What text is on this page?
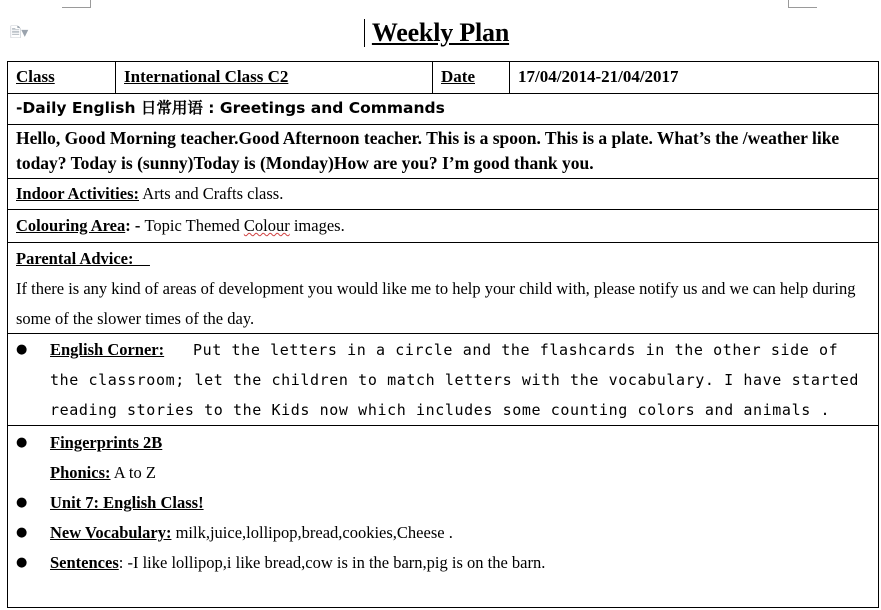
🗎▾	Weekly Plan
Class	International Class C2	Date	17/04/2014-21/04/2017
-Daily English 日常用语 : Greetings and Commands
Hello, Good Morning teacher.Good Afternoon teacher. This is a spoon. This is a plate. What’s the /weather like today? Today is (sunny)Today is (Monday)How are you? I’m good thank you.
Indoor Activities: Arts and Crafts class.
Colouring Area: - Topic Themed Colour images.
Parental Advice:
If there is any kind of areas of development you would like me to help your child with, please notify us and we can help during some of the slower times of the day.
● English Corner:   Put the letters in a circle and the flashcards in the other side of the classroom; let the children to match letters with the vocabulary. I have started reading stories to the Kids now which includes some counting colors and animals .
● Fingerprints 2B
Phonics: A to Z
● Unit 7: English Class!
● New Vocabulary: milk,juice,lollipop,bread,cookies,Cheese .
● Sentences: -I like lollipop,i like bread,cow is in the barn,pig is on the barn.
